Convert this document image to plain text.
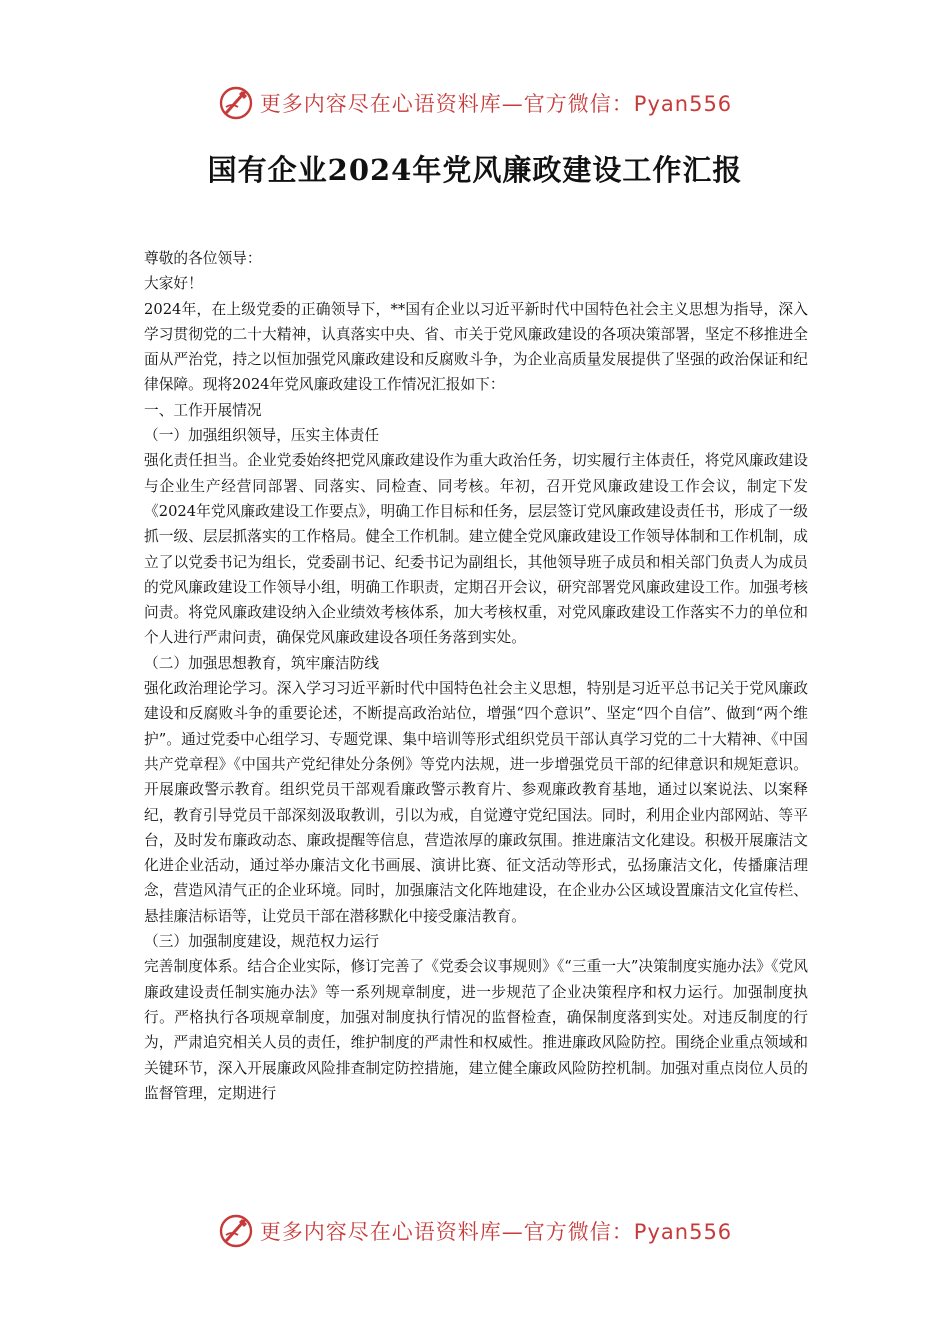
更多内容尽在心语资料库—官方微信：Pyan556
国有企业2024年党风廉政建设工作汇报

尊敬的各位领导：

大家好！

2024年，在上级党委的正确领导下，**国有企业以习近平新时代中国特色社会主义思想为指导，深入学习贯彻党的二十大精神，认真落实中央、省、市关于党风廉政建设的各项决策部署，坚定不移推进全面从严治党，持之以恒加强党风廉政建设和反腐败斗争，为企业高质量发展提供了坚强的政治保证和纪律保障。现将2024年党风廉政建设工作情况汇报如下：

一、工作开展情况

（一）加强组织领导，压实主体责任

强化责任担当。企业党委始终把党风廉政建设作为重大政治任务，切实履行主体责任，将党风廉政建设与企业生产经营同部署、同落实、同检查、同考核。年初，召开党风廉政建设工作会议，制定下发《2024年党风廉政建设工作要点》，明确工作目标和任务，层层签订党风廉政建设责任书，形成了一级抓一级、层层抓落实的工作格局。健全工作机制。建立健全党风廉政建设工作领导体制和工作机制，成立了以党委书记为组长，党委副书记、纪委书记为副组长，其他领导班子成员和相关部门负责人为成员的党风廉政建设工作领导小组，明确工作职责，定期召开会议，研究部署党风廉政建设工作。加强考核问责。将党风廉政建设纳入企业绩效考核体系，加大考核权重，对党风廉政建设工作落实不力的单位和个人进行严肃问责，确保党风廉政建设各项任务落到实处。

（二）加强思想教育，筑牢廉洁防线

强化政治理论学习。深入学习习近平新时代中国特色社会主义思想，特别是习近平总书记关于党风廉政建设和反腐败斗争的重要论述，不断提高政治站位，增强“四个意识”、坚定“四个自信”、做到“两个维护”。通过党委中心组学习、专题党课、集中培训等形式组织党员干部认真学习党的二十大精神、《中国共产党章程》《中国共产党纪律处分条例》等党内法规，进一步增强党员干部的纪律意识和规矩意识。开展廉政警示教育。组织党员干部观看廉政警示教育片、参观廉政教育基地，通过以案说法、以案释纪，教育引导党员干部深刻汲取教训，引以为戒，自觉遵守党纪国法。同时，利用企业内部网站、等平台，及时发布廉政动态、廉政提醒等信息，营造浓厚的廉政氛围。推进廉洁文化建设。积极开展廉洁文化进企业活动，通过举办廉洁文化书画展、演讲比赛、征文活动等形式，弘扬廉洁文化，传播廉洁理念，营造风清气正的企业环境。同时，加强廉洁文化阵地建设，在企业办公区域设置廉洁文化宣传栏、悬挂廉洁标语等，让党员干部在潜移默化中接受廉洁教育。

（三）加强制度建设，规范权力运行

完善制度体系。结合企业实际，修订完善了《党委会议事规则》《“三重一大”决策制度实施办法》《党风廉政建设责任制实施办法》等一系列规章制度，进一步规范了企业决策程序和权力运行。加强制度执行。严格执行各项规章制度，加强对制度执行情况的监督检查，确保制度落到实处。对违反制度的行为，严肃追究相关人员的责任，维护制度的严肃性和权威性。推进廉政风险防控。围绕企业重点领域和关键环节，深入开展廉政风险排查制定防控措施，建立健全廉政风险防控机制。加强对重点岗位人员的监督管理，定期进行

更多内容尽在心语资料库—官方微信：Pyan556
